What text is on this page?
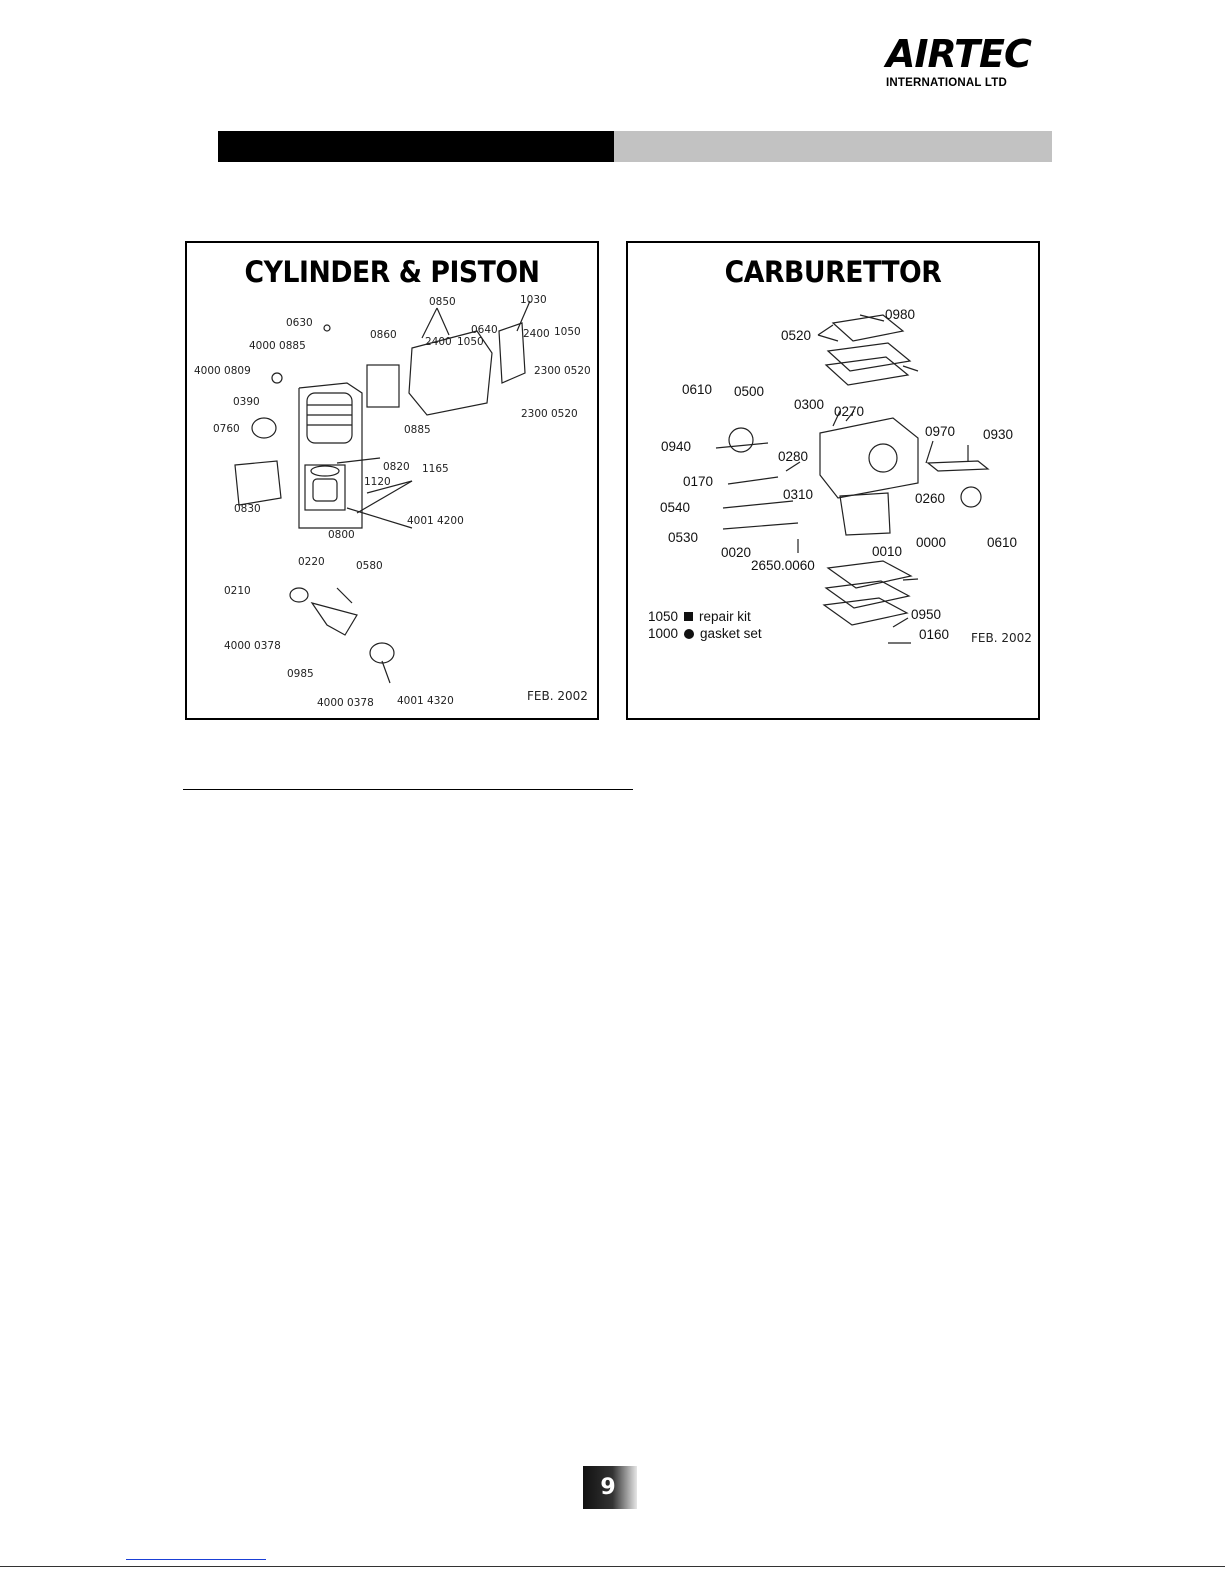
AIRTEC
INTERNATIONAL LTD
CYLINDER & PISTON
0850	1030
0630
0640
2400 1050
4000 0885
0860	2400 1050
4000 0809	2300 0520
0390
0885
2300 0520
0760
0820 1165
1120
0830
4001 4200
0800
0220	0580
0210
4000 0378
0985
4000 0378 4001 4320	FEB. 2002
CARBURETTOR
0980
0520
0610 0500
0300 0270
0940
0970 0930
0280
0170
0260
0310
0540
0530
0020	0010
0000	0610
2650.0060
0950
0160 FEB. 2002
1050 repair kit
1000 gasket set
9
